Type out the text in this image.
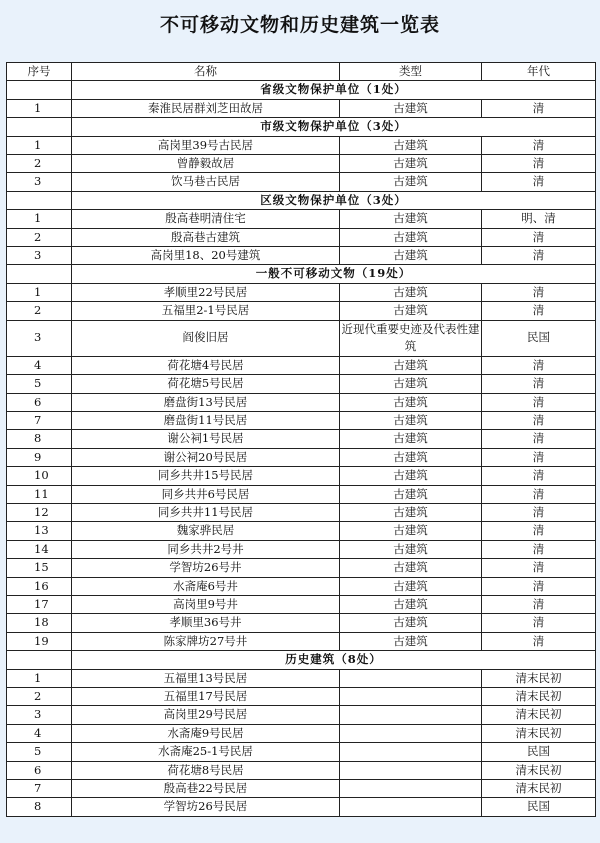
不可移动文物和历史建筑一览表
序号	名称	类型	年代
	省级文物保护单位（1处）		
1	秦淮民居群刘芝田故居	古建筑	清
	市级文物保护单位（3处）		
1	高岗里39号古民居	古建筑	清
2	曾静毅故居	古建筑	清
3	饮马巷古民居	古建筑	清
	区级文物保护单位（3处）		
1	殷高巷明清住宅	古建筑	明、清
2	殷高巷古建筑	古建筑	清
3	高岗里18、20号建筑	古建筑	清
	一般不可移动文物（19处）		
1	孝顺里22号民居	古建筑	清
2	五福里2-1号民居	古建筑	清
3	阎俊旧居	近现代重要史迹及代表性建筑	民国
4	荷花塘4号民居	古建筑	清
5	荷花塘5号民居	古建筑	清
6	磨盘街13号民居	古建筑	清
7	磨盘街11号民居	古建筑	清
8	谢公祠1号民居	古建筑	清
9	谢公祠20号民居	古建筑	清
10	同乡共井15号民居	古建筑	清
11	同乡共井6号民居	古建筑	清
12	同乡共井11号民居	古建筑	清
13	魏家骅民居	古建筑	清
14	同乡共井2号井	古建筑	清
15	学智坊26号井	古建筑	清
16	水斋庵6号井	古建筑	清
17	高岗里9号井	古建筑	清
18	孝顺里36号井	古建筑	清
19	陈家牌坊27号井	古建筑	清
	历史建筑（8处）		
1	五福里13号民居		清末民初
2	五福里17号民居		清末民初
3	高岗里29号民居		清末民初
4	水斋庵9号民居		清末民初
5	水斋庵25-1号民居		民国
6	荷花塘8号民居		清末民初
7	殷高巷22号民居		清末民初
8	学智坊26号民居		民国
